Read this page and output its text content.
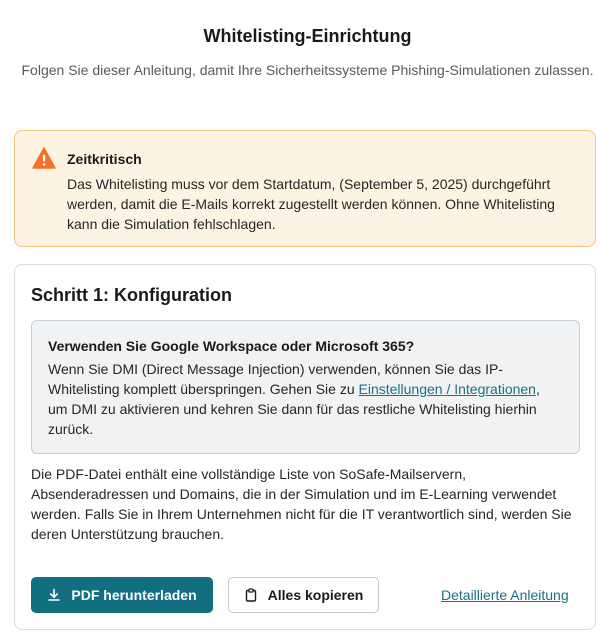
Whitelisting-Einrichtung

Folgen Sie dieser Anleitung, damit Ihre Sicherheitssysteme Phishing-Simulationen zulassen.

Zeitkritisch
Das Whitelisting muss vor dem Startdatum, (September 5, 2025) durchgeführt werden, damit die E-Mails korrekt zugestellt werden können. Ohne Whitelisting kann die Simulation fehlschlagen.
Schritt 1: Konfiguration
Verwenden Sie Google Workspace oder Microsoft 365?
Wenn Sie DMI (Direct Message Injection) verwenden, können Sie das IP-Whitelisting komplett überspringen. Gehen Sie zu Einstellungen / Integrationen, um DMI zu aktivieren und kehren Sie dann für das restliche Whitelisting hierhin zurück.

Die PDF-Datei enthält eine vollständige Liste von SoSafe-Mailservern, Absenderadressen und Domains, die in der Simulation und im E-Learning verwendet werden. Falls Sie in Ihrem Unternehmen nicht für die IT verantwortlich sind, werden Sie deren Unterstützung brauchen.

PDF herunterladen	Alles kopieren	Detaillierte Anleitung
